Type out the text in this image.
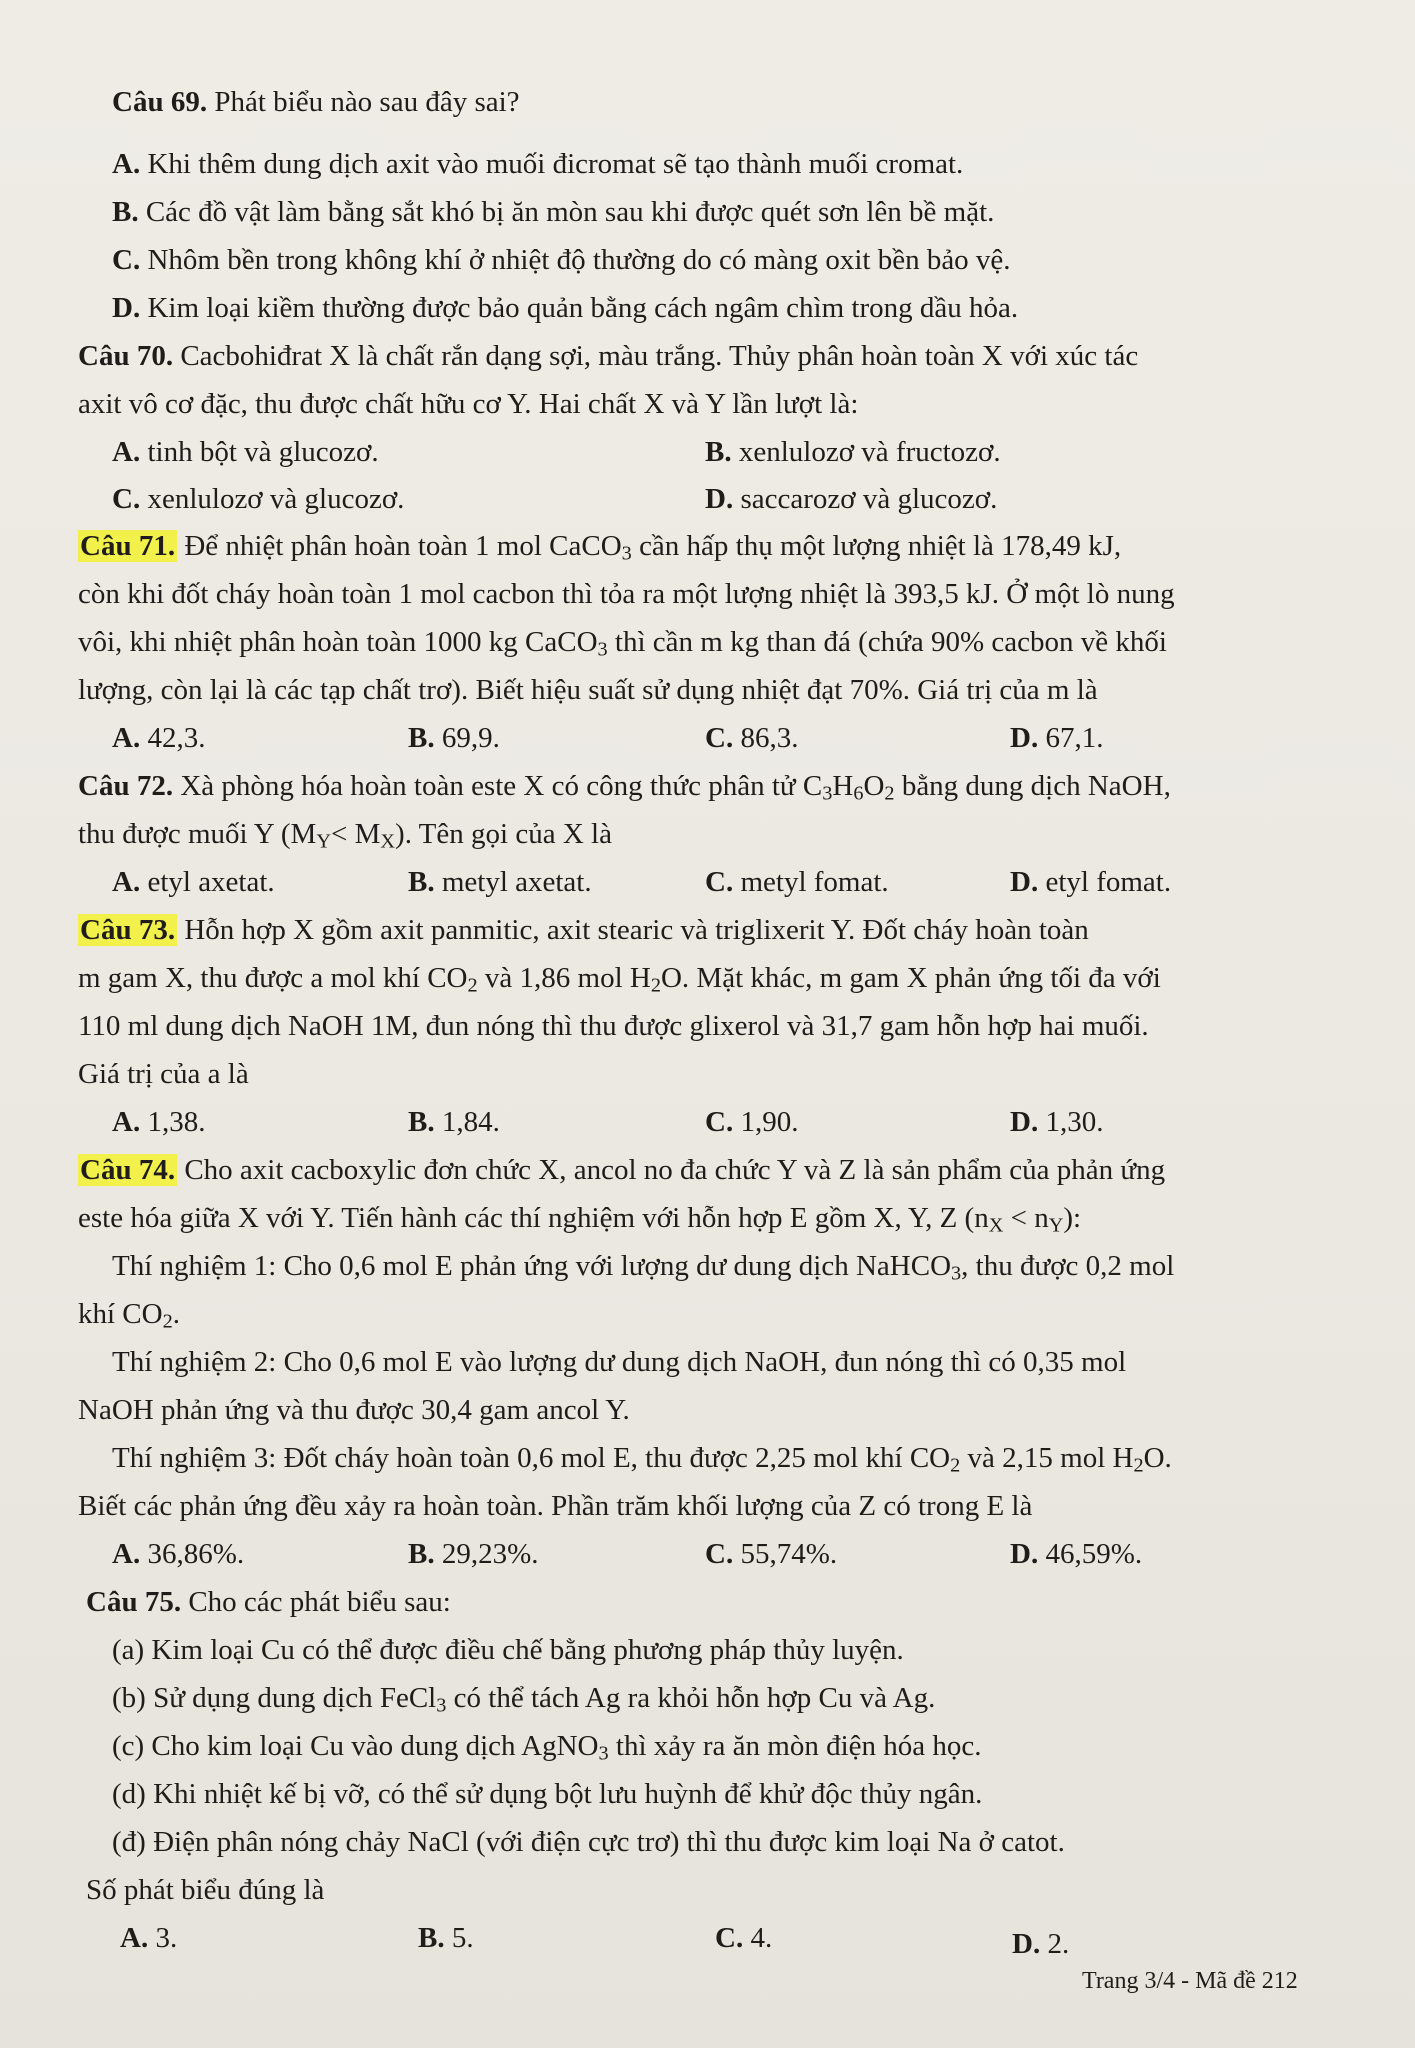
Câu 69. Phát biểu nào sau đây sai?
A. Khi thêm dung dịch axit vào muối đicromat sẽ tạo thành muối cromat.
B. Các đồ vật làm bằng sắt khó bị ăn mòn sau khi được quét sơn lên bề mặt.
C. Nhôm bền trong không khí ở nhiệt độ thường do có màng oxit bền bảo vệ.
D. Kim loại kiềm thường được bảo quản bằng cách ngâm chìm trong dầu hỏa.
Câu 70. Cacbohiđrat X là chất rắn dạng sợi, màu trắng. Thủy phân hoàn toàn X với xúc tác
axit vô cơ đặc, thu được chất hữu cơ Y. Hai chất X và Y lần lượt là:
A. tinh bột và glucozơ.	B. xenlulozơ và fructozơ.
C. xenlulozơ và glucozơ.	D. saccarozơ và glucozơ.
Câu 71. Để nhiệt phân hoàn toàn 1 mol CaCO$_3$ cần hấp thụ một lượng nhiệt là 178,49 kJ,
còn khi đốt cháy hoàn toàn 1 mol cacbon thì tỏa ra một lượng nhiệt là 393,5 kJ. Ở một lò nung
vôi, khi nhiệt phân hoàn toàn 1000 kg CaCO$_3$ thì cần m kg than đá (chứa 90% cacbon về khối
lượng, còn lại là các tạp chất trơ). Biết hiệu suất sử dụng nhiệt đạt 70%. Giá trị của m là
A. 42,3.	B. 69,9.	C. 86,3.	D. 67,1.
Câu 72. Xà phòng hóa hoàn toàn este X có công thức phân tử $C_3H_6O_2$ bằng dung dịch NaOH,
thu được muối Y $(M_Y< M_X)$. Tên gọi của X là
A. etyl axetat.	B. metyl axetat.	C. metyl fomat.	D. etyl fomat.
Câu 73. Hỗn hợp X gồm axit panmitic, axit stearic và triglixerit Y. Đốt cháy hoàn toàn
m gam X, thu được a mol khí $CO_2$ và 1,86 mol $H_2O$. Mặt khác, m gam X phản ứng tối đa với
110 ml dung dịch NaOH 1M, đun nóng thì thu được glixerol và 31,7 gam hỗn hợp hai muối.
Giá trị của a là
A. 1,38.	B. 1,84.	C. 1,90.	D. 1,30.
Câu 74. Cho axit cacboxylic đơn chức X, ancol no đa chức Y và Z là sản phẩm của phản ứng
este hóa giữa X với Y. Tiến hành các thí nghiệm với hỗn hợp E gồm X, Y, Z $(n_X < n_Y)$:
Thí nghiệm 1: Cho 0,6 mol E phản ứng với lượng dư dung dịch NaHCO$_3$, thu được 0,2 mol
khí $CO_2$.
Thí nghiệm 2: Cho 0,6 mol E vào lượng dư dung dịch NaOH, đun nóng thì có 0,35 mol
NaOH phản ứng và thu được 30,4 gam ancol Y.
Thí nghiệm 3: Đốt cháy hoàn toàn 0,6 mol E, thu được 2,25 mol khí $CO_2$ và 2,15 mol $H_2O$.
Biết các phản ứng đều xảy ra hoàn toàn. Phần trăm khối lượng của Z có trong E là
A. 36,86%.	B. 29,23%.	C. 55,74%.	D. 46,59%.
Câu 75. Cho các phát biểu sau:
(a) Kim loại Cu có thể được điều chế bằng phương pháp thủy luyện.
(b) Sử dụng dung dịch FeCl$_3$ có thể tách Ag ra khỏi hỗn hợp Cu và Ag.
(c) Cho kim loại Cu vào dung dịch AgNO$_3$ thì xảy ra ăn mòn điện hóa học.
(d) Khi nhiệt kế bị vỡ, có thể sử dụng bột lưu huỳnh để khử độc thủy ngân.
(đ) Điện phân nóng chảy NaCl (với điện cực trơ) thì thu được kim loại Na ở catot.
Số phát biểu đúng là
A. 3.	B. 5.	C. 4.	D. 2.
Trang 3/4 - Mã đề 212
